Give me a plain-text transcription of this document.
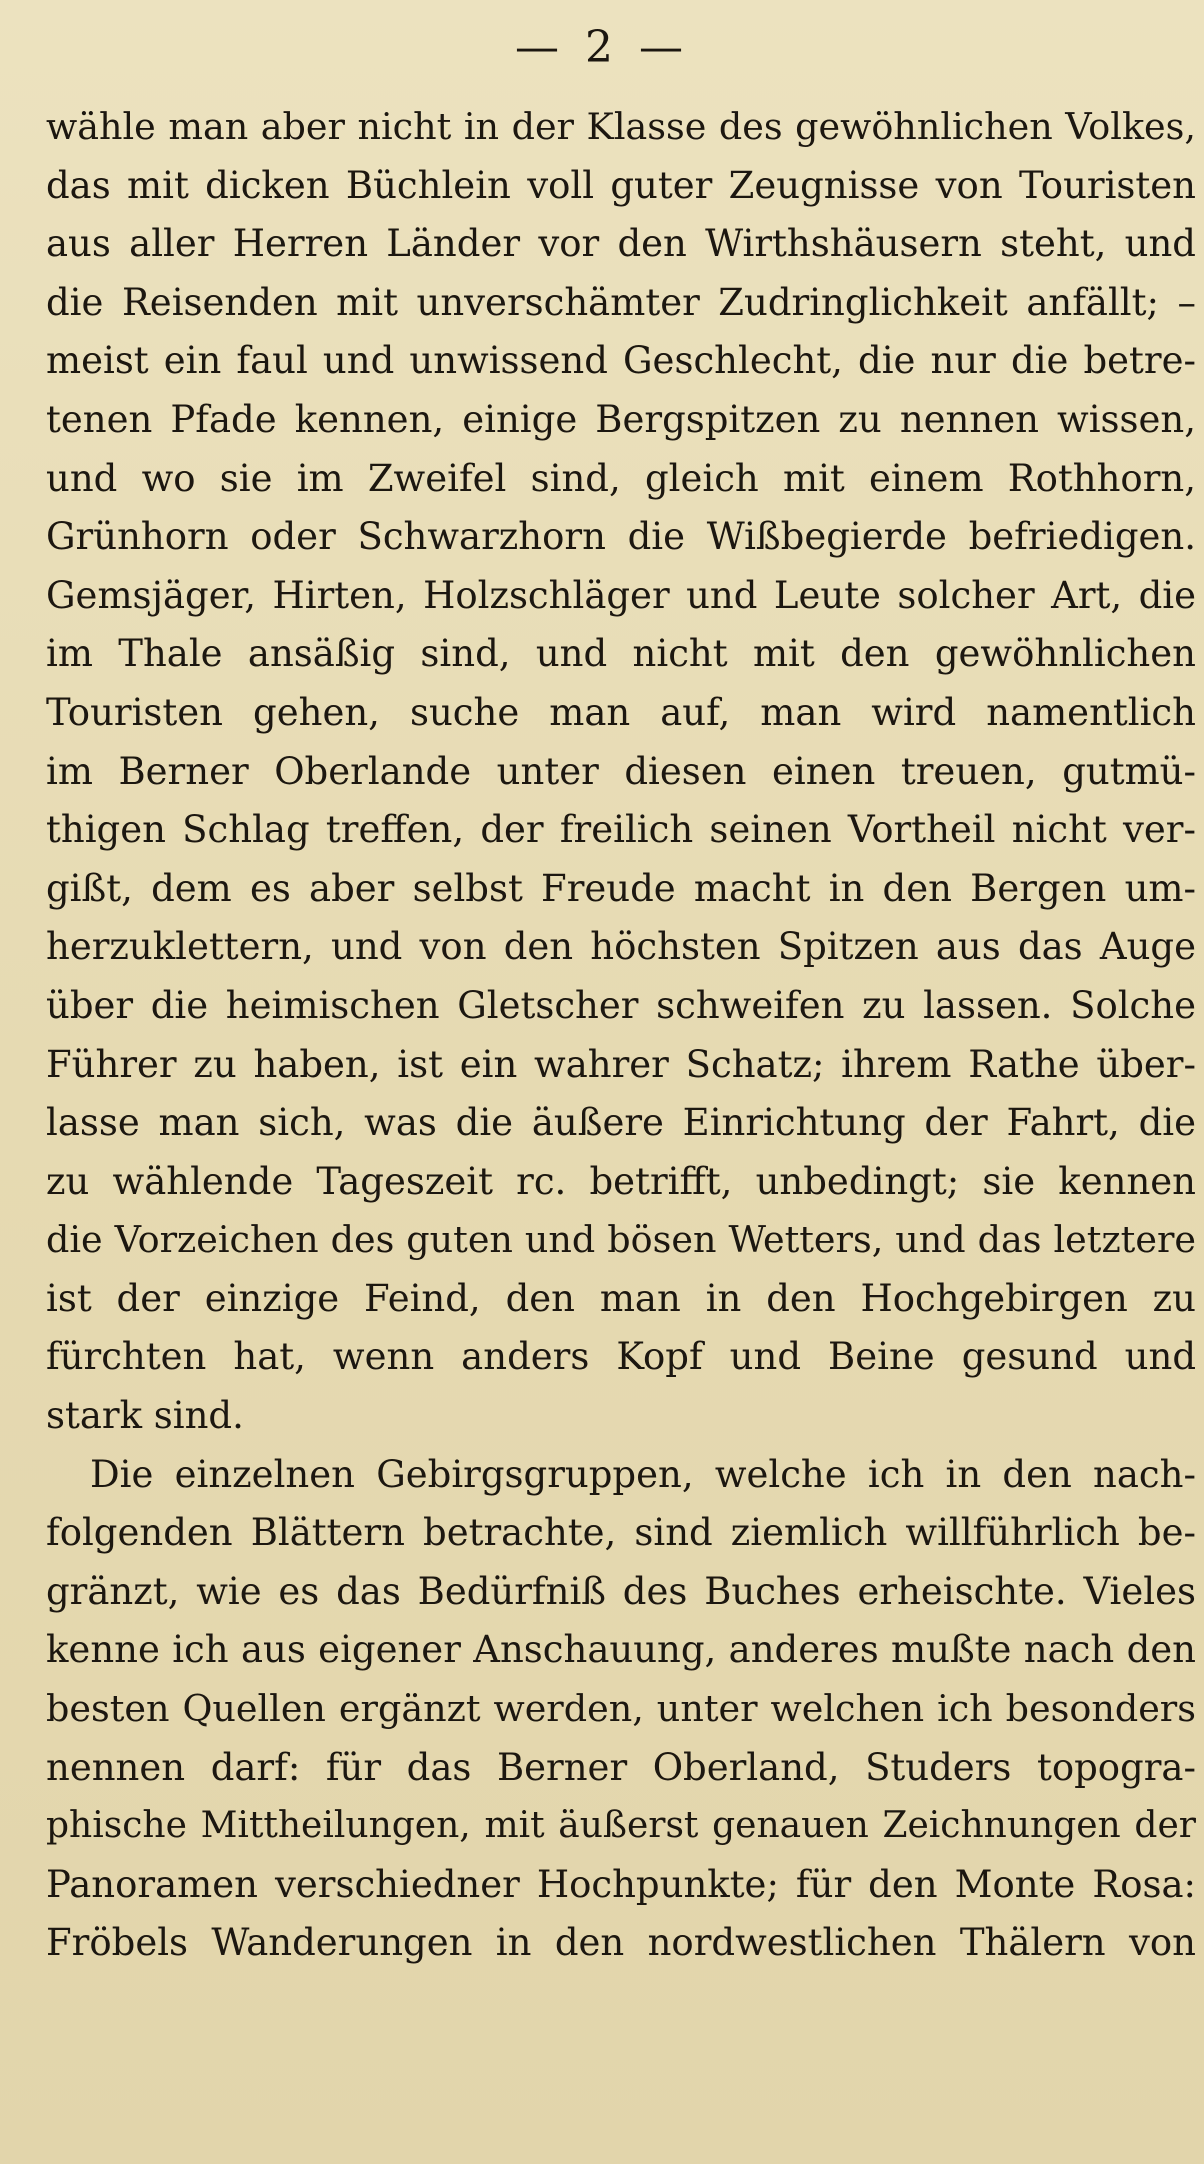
— 2 —
wähle man aber nicht in der Klasse des gewöhnlichen Volkes,
das mit dicken Büchlein voll guter Zeugnisse von Touristen
aus aller Herren Länder vor den Wirthshäusern steht, und
die Reisenden mit unverschämter Zudringlichkeit anfällt; –
meist ein faul und unwissend Geschlecht, die nur die betre-
tenen Pfade kennen, einige Bergspitzen zu nennen wissen,
und wo sie im Zweifel sind, gleich mit einem Rothhorn,
Grünhorn oder Schwarzhorn die Wißbegierde befriedigen.
Gemsjäger, Hirten, Holzschläger und Leute solcher Art, die
im Thale ansäßig sind, und nicht mit den gewöhnlichen
Touristen gehen, suche man auf, man wird namentlich
im Berner Oberlande unter diesen einen treuen, gutmü-
thigen Schlag treffen, der freilich seinen Vortheil nicht ver-
gißt, dem es aber selbst Freude macht in den Bergen um-
herzuklettern, und von den höchsten Spitzen aus das Auge
über die heimischen Gletscher schweifen zu lassen. Solche
Führer zu haben, ist ein wahrer Schatz; ihrem Rathe über-
lasse man sich, was die äußere Einrichtung der Fahrt, die
zu wählende Tageszeit rc. betrifft, unbedingt; sie kennen
die Vorzeichen des guten und bösen Wetters, und das letztere
ist der einzige Feind, den man in den Hochgebirgen zu
fürchten hat, wenn anders Kopf und Beine gesund und
stark sind.
Die einzelnen Gebirgsgruppen, welche ich in den nach-
folgenden Blättern betrachte, sind ziemlich willführlich be-
gränzt, wie es das Bedürfniß des Buches erheischte. Vieles
kenne ich aus eigener Anschauung, anderes mußte nach den
besten Quellen ergänzt werden, unter welchen ich besonders
nennen darf: für das Berner Oberland, Studers topogra-
phische Mittheilungen, mit äußerst genauen Zeichnungen der
Panoramen verschiedner Hochpunkte; für den Monte Rosa:
Fröbels Wanderungen in den nordwestlichen Thälern von
